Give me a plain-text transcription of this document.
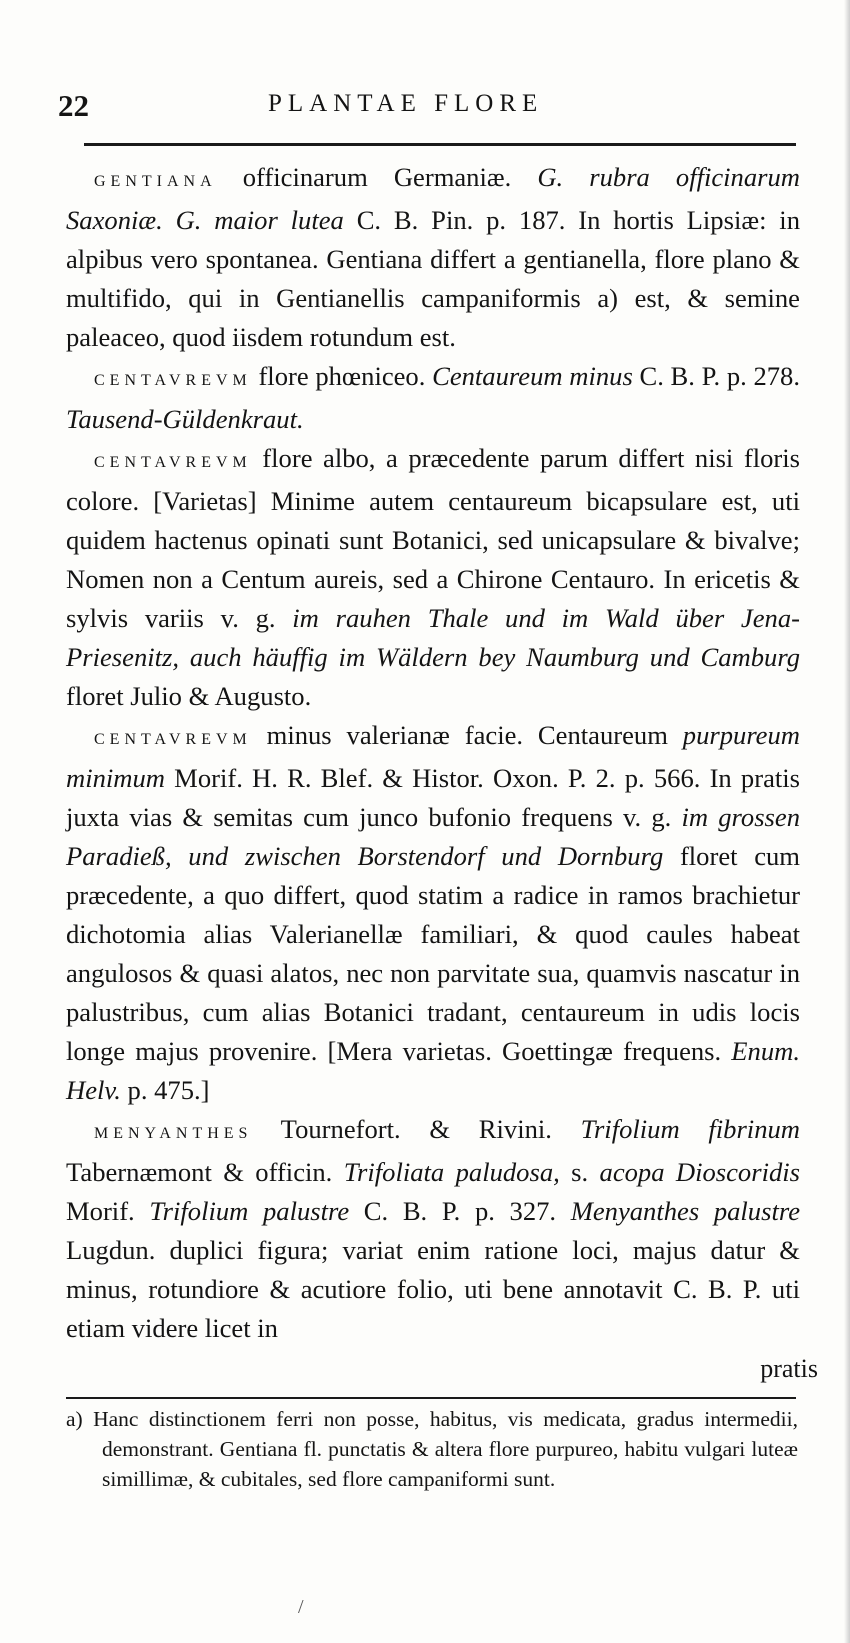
22	PLANTAE FLORE

GENTIANA officinarum Germaniæ. G. rubra officinarum Saxoniæ. G. maior lutea C. B. Pin. p. 187. In hortis Lipsiæ: in alpibus vero spontanea. Gentiana differt a gentianella, flore plano & multifido, qui in Gentianellis campaniformis a) est, & semine paleaceo, quod iisdem rotundum est.

CENTAVREVM flore phœniceo. Centaureum minus C. B. P. p. 278. Tausend-Güldenkraut.

CENTAVREVM flore albo, a præcedente parum differt nisi floris colore. [Varietas] Minime autem centaureum bicapsulare est, uti quidem hactenus opinati sunt Botanici, sed unicapsulare & bivalve; Nomen non a Centum aureis, sed a Chirone Centauro. In ericetis & sylvis variis v. g. im rauhen Thale und im Wald über Jena-Priesenitz, auch häuffig im Wäldern bey Naumburg und Camburg floret Julio & Augusto.

CENTAVREVM minus valerianæ facie. Centaureum purpureum minimum Morif. H. R. Blef. & Histor. Oxon. P. 2. p. 566. In pratis juxta vias & semitas cum junco bufonio frequens v. g. im grossen Paradieß, und zwischen Borstendorf und Dornburg floret cum præcedente, a quo differt, quod statim a radice in ramos brachietur dichotomia alias Valerianellæ familiari, & quod caules habeat angulosos & quasi alatos, nec non parvitate sua, quamvis nascatur in palustribus, cum alias Botanici tradant, centaureum in udis locis longe majus provenire. [Mera varietas. Goettingæ frequens. Enum. Helv. p. 475.]

MENYANTHES Tournefort. & Rivini. Trifolium fibrinum Tabernæmont & officin. Trifoliata paludosa, s. acopa Dioscoridis Morif. Trifolium palustre C. B. P. p. 327. Menyanthes palustre Lugdun. duplici figura; variat enim ratione loci, majus datur & minus, rotundiore & acutiore folio, uti bene annotavit C. B. P. uti etiam videre licet in

pratis

a) Hanc distinctionem ferri non posse, habitus, vis medicata, gradus intermedii, demonstrant. Gentiana fl. punctatis & altera flore purpureo, habitu vulgari luteæ simillimæ, & cubitales, sed flore campaniformi sunt.

/
